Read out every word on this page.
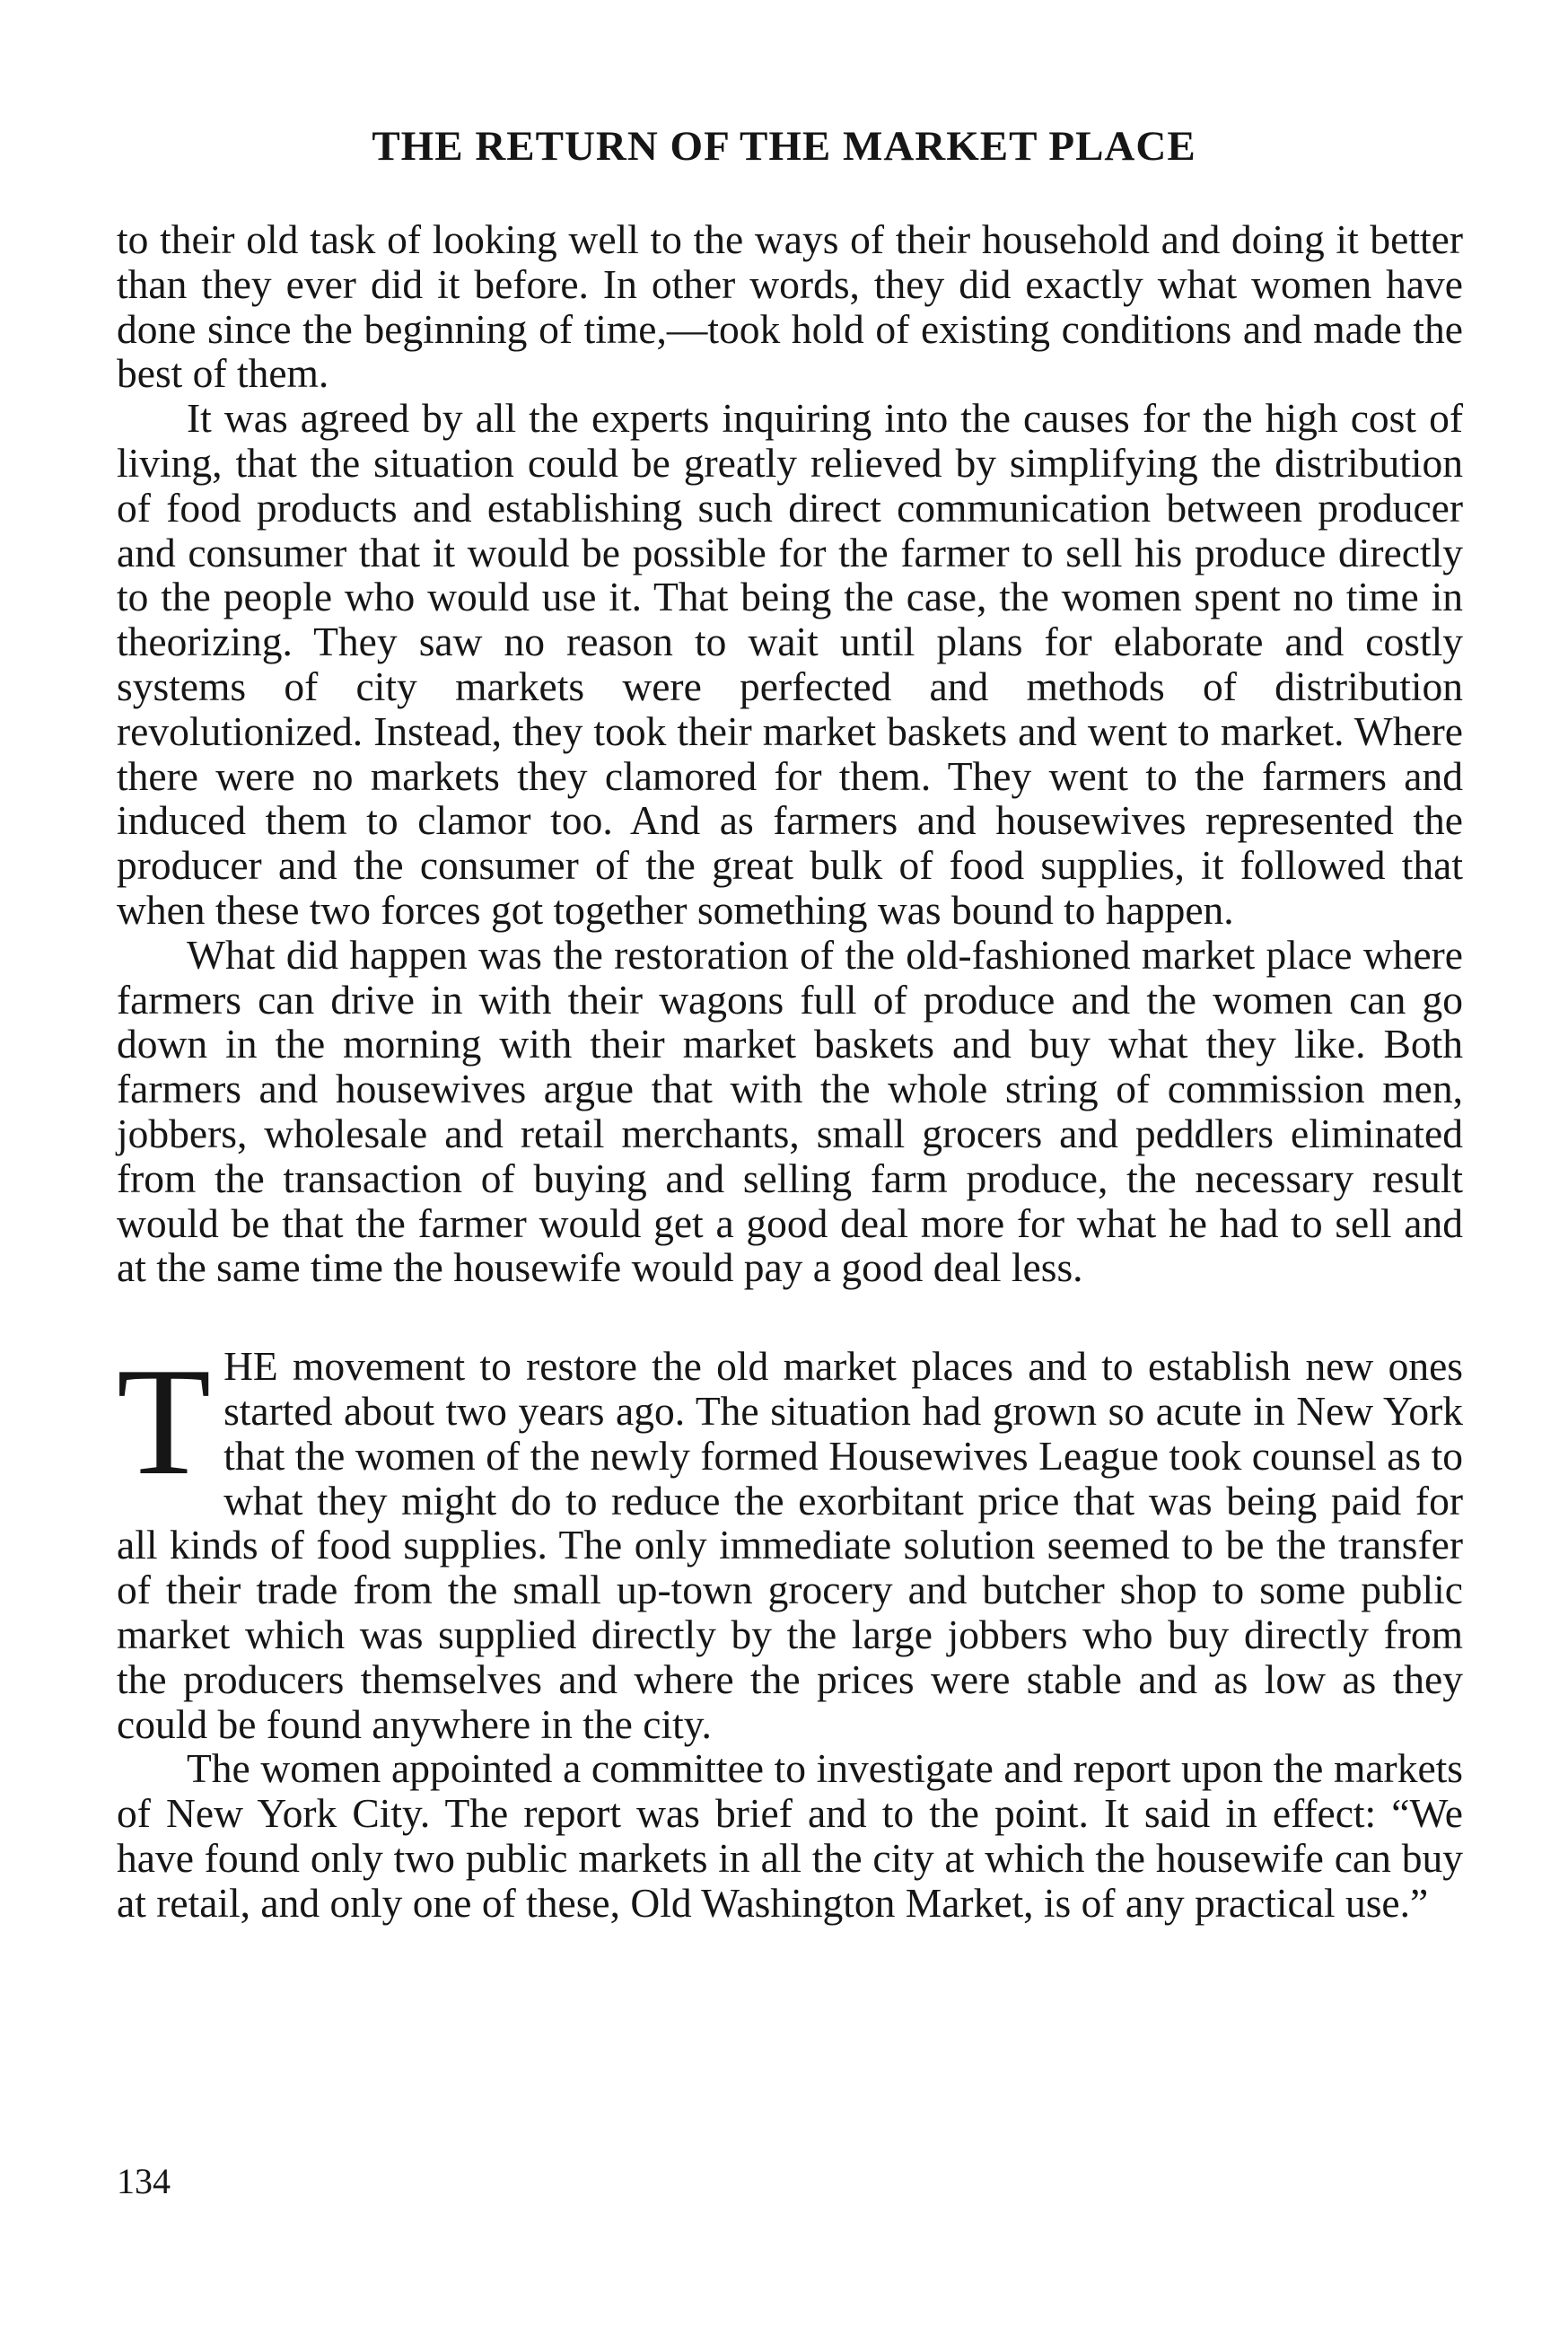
THE RETURN OF THE MARKET PLACE

to their old task of looking well to the ways of their household and doing it better than they ever did it before. In other words, they did exactly what women have done since the beginning of time,—took hold of existing conditions and made the best of them.

It was agreed by all the experts inquiring into the causes for the high cost of living, that the situation could be greatly relieved by simplifying the distribution of food products and establishing such direct communication between producer and consumer that it would be possible for the farmer to sell his produce directly to the people who would use it. That being the case, the women spent no time in theorizing. They saw no reason to wait until plans for elaborate and costly systems of city markets were perfected and methods of distribution revolutionized. Instead, they took their market baskets and went to market. Where there were no markets they clamored for them. They went to the farmers and induced them to clamor too. And as farmers and housewives represented the producer and the consumer of the great bulk of food supplies, it followed that when these two forces got together something was bound to happen.

What did happen was the restoration of the old-fashioned market place where farmers can drive in with their wagons full of produce and the women can go down in the morning with their market baskets and buy what they like. Both farmers and housewives argue that with the whole string of commission men, jobbers, wholesale and retail merchants, small grocers and peddlers eliminated from the transaction of buying and selling farm produce, the necessary result would be that the farmer would get a good deal more for what he had to sell and at the same time the housewife would pay a good deal less.

THE movement to restore the old market places and to establish new ones started about two years ago. The situation had grown so acute in New York that the women of the newly formed Housewives League took counsel as to what they might do to reduce the exorbitant price that was being paid for all kinds of food supplies. The only immediate solution seemed to be the transfer of their trade from the small up-town grocery and butcher shop to some public market which was supplied directly by the large jobbers who buy directly from the producers themselves and where the prices were stable and as low as they could be found anywhere in the city.

The women appointed a committee to investigate and report upon the markets of New York City. The report was brief and to the point. It said in effect: “We have found only two public markets in all the city at which the housewife can buy at retail, and only one of these, Old Washington Market, is of any practical use.”

134
